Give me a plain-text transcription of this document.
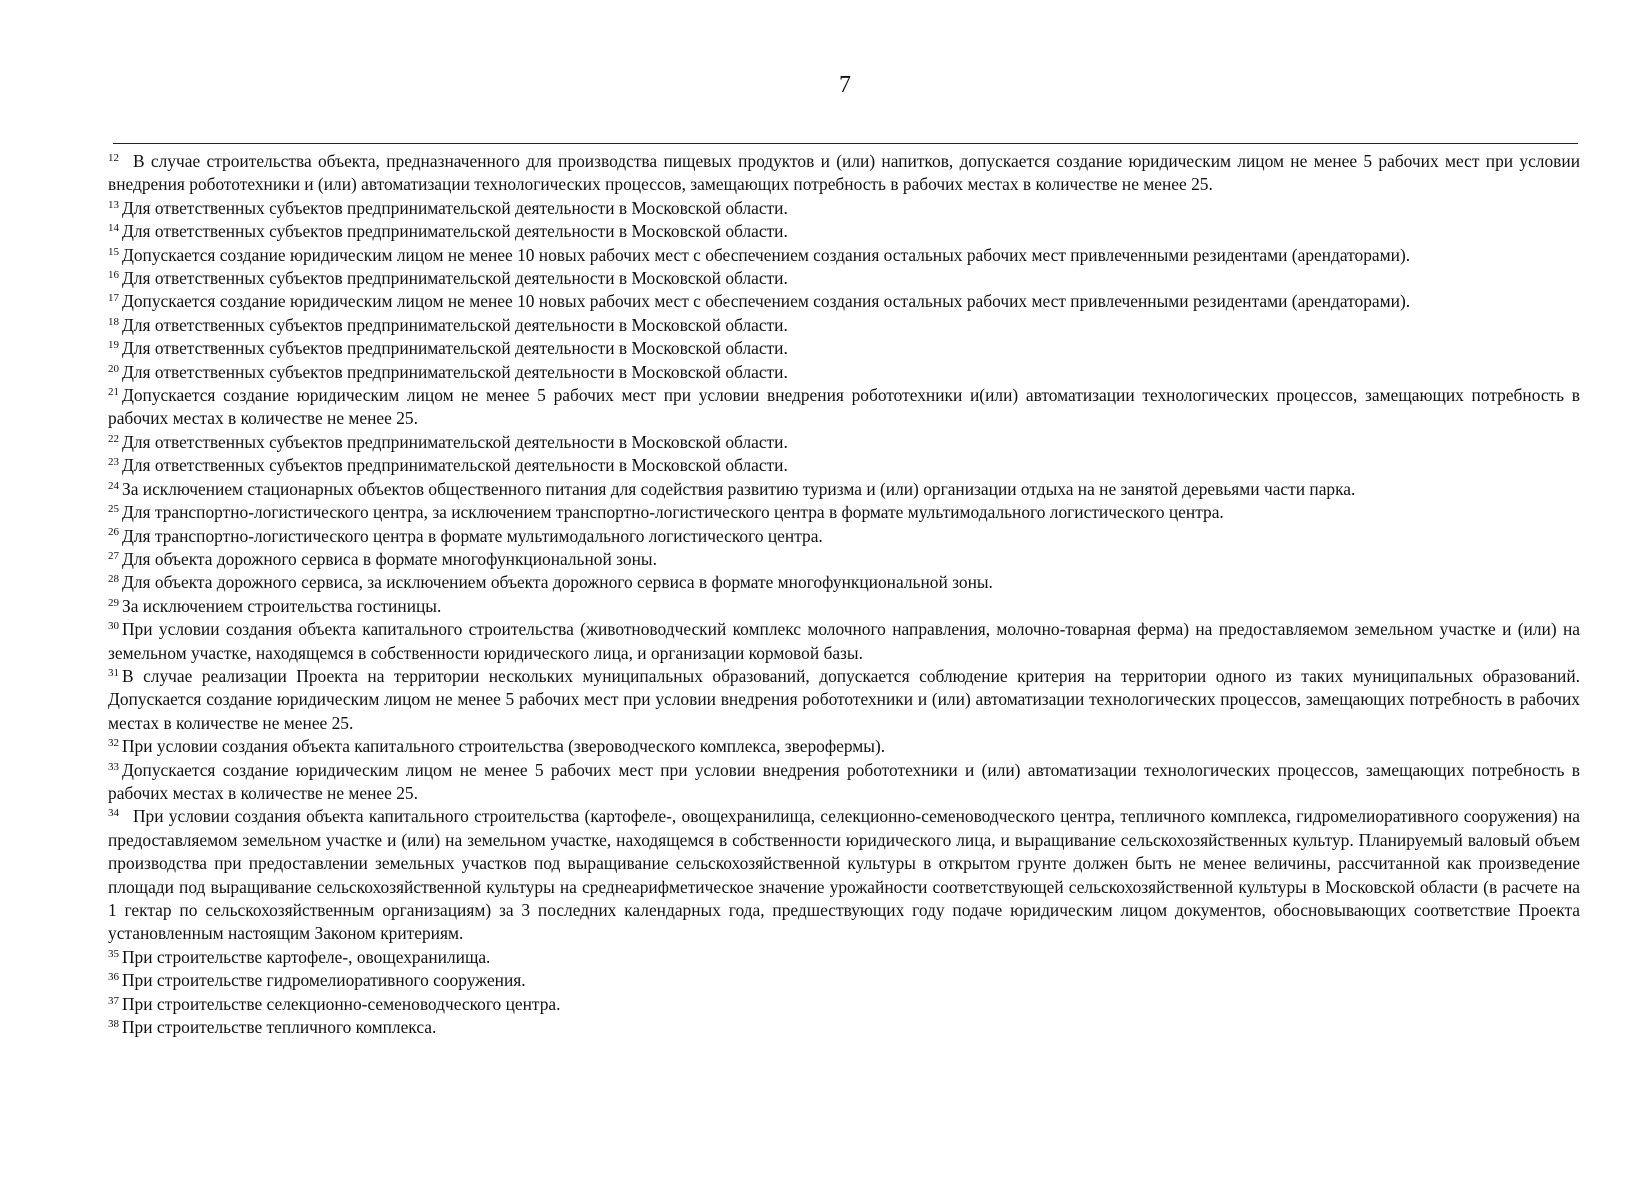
7

$^{12}$ В случае строительства объекта, предназначенного для производства пищевых продуктов и (или) напитков, допускается создание юридическим лицом не менее 5 рабочих мест при условии внедрения робототехники и (или) автоматизации технологических процессов, замещающих потребность в рабочих местах в количестве не менее 25.

$^{13}$ Для ответственных субъектов предпринимательской деятельности в Московской области.

$^{14}$ Для ответственных субъектов предпринимательской деятельности в Московской области.

$^{15}$ Допускается создание юридическим лицом не менее 10 новых рабочих мест с обеспечением создания остальных рабочих мест привлеченными резидентами (арендаторами).

$^{16}$ Для ответственных субъектов предпринимательской деятельности в Московской области.

$^{17}$ Допускается создание юридическим лицом не менее 10 новых рабочих мест с обеспечением создания остальных рабочих мест привлеченными резидентами (арендаторами).

$^{18}$ Для ответственных субъектов предпринимательской деятельности в Московской области.

$^{19}$ Для ответственных субъектов предпринимательской деятельности в Московской области.

$^{20}$ Для ответственных субъектов предпринимательской деятельности в Московской области.

$^{21}$ Допускается создание юридическим лицом не менее 5 рабочих мест при условии внедрения робототехники и(или) автоматизации технологических процессов, замещающих потребность в рабочих местах в количестве не менее 25.

$^{22}$ Для ответственных субъектов предпринимательской деятельности в Московской области.

$^{23}$ Для ответственных субъектов предпринимательской деятельности в Московской области.

$^{24}$ За исключением стационарных объектов общественного питания для содействия развитию туризма и (или) организации отдыха на не занятой деревьями части парка.

$^{25}$ Для транспортно-логистического центра, за исключением транспортно-логистического центра в формате мультимодального логистического центра.

$^{26}$ Для транспортно-логистического центра в формате мультимодального логистического центра.

$^{27}$ Для объекта дорожного сервиса в формате многофункциональной зоны.

$^{28}$ Для объекта дорожного сервиса, за исключением объекта дорожного сервиса в формате многофункциональной зоны.

$^{29}$ За исключением строительства гостиницы.

$^{30}$ При условии создания объекта капитального строительства (животноводческий комплекс молочного направления, молочно-товарная ферма) на предоставляемом земельном участке и (или) на земельном участке, находящемся в собственности юридического лица, и организации кормовой базы.

$^{31}$ В случае реализации Проекта на территории нескольких муниципальных образований, допускается соблюдение критерия на территории одного из таких муниципальных образований. Допускается создание юридическим лицом не менее 5 рабочих мест при условии внедрения робототехники и (или) автоматизации технологических процессов, замещающих потребность в рабочих местах в количестве не менее 25.

$^{32}$ При условии создания объекта капитального строительства (звероводческого комплекса, зверофермы).

$^{33}$ Допускается создание юридическим лицом не менее 5 рабочих мест при условии внедрения робототехники и (или) автоматизации технологических процессов, замещающих потребность в рабочих местах в количестве не менее 25.

$^{34}$ При условии создания объекта капитального строительства (картофеле-, овощехранилища, селекционно-семеноводческого центра, тепличного комплекса, гидромелиоративного сооружения) на предоставляемом земельном участке и (или) на земельном участке, находящемся в собственности юридического лица, и выращивание сельскохозяйственных культур. Планируемый валовый объем производства при предоставлении земельных участков под выращивание сельскохозяйственной культуры в открытом грунте должен быть не менее величины, рассчитанной как произведение площади под выращивание сельскохозяйственной культуры на среднеарифметическое значение урожайности соответствующей сельскохозяйственной культуры в Московской области (в расчете на 1 гектар по сельскохозяйственным организациям) за 3 последних календарных года, предшествующих году подаче юридическим лицом документов, обосновывающих соответствие Проекта установленным настоящим Законом критериям.

$^{35}$ При строительстве картофеле-, овощехранилища.

$^{36}$ При строительстве гидромелиоративного сооружения.

$^{37}$ При строительстве селекционно-семеноводческого центра.

$^{38}$ При строительстве тепличного комплекса.
